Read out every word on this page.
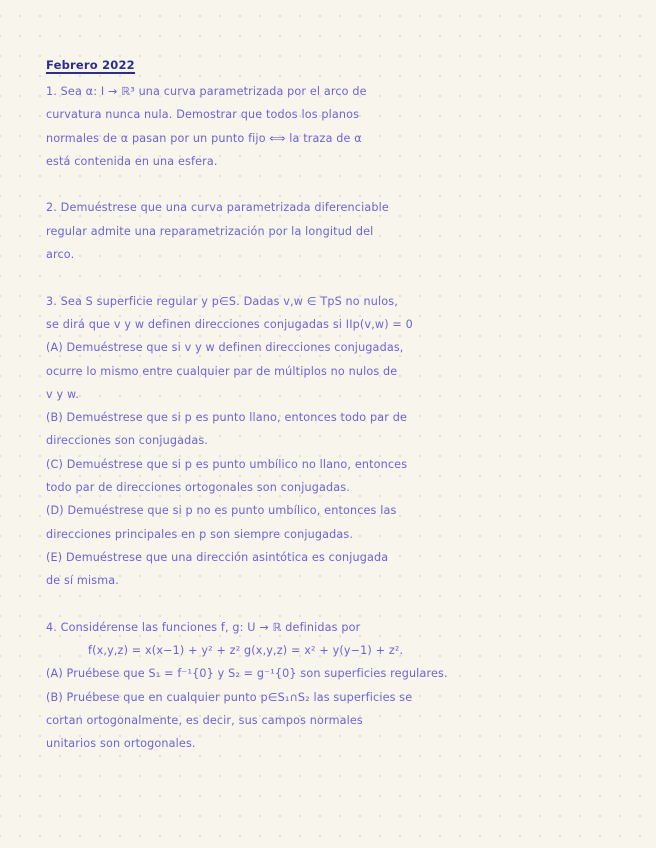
Febrero 2022
1. Sea α: I → ℝ³ una curva parametrizada por el arco de
curvatura nunca nula. Demostrar que todos los planos
normales de α pasan por un punto fijo ⟺ la traza de α
está contenida en una esfera.
2. Demuéstrese que una curva parametrizada diferenciable
regular admite una reparametrización por la longitud del
arco.
3. Sea S superficie regular y p∈S. Dadas v,w ∈ TpS no nulos,
se dirá que v y w definen direcciones conjugadas si IIp(v,w) = 0
(A) Demuéstrese que si v y w definen direcciones conjugadas,
ocurre lo mismo entre cualquier par de múltiplos no nulos de
v y w.
(B) Demuéstrese que si p es punto llano, entonces todo par de
direcciones son conjugadas.
(C) Demuéstrese que si p es punto umbílico no llano, entonces
todo par de direcciones ortogonales son conjugadas.
(D) Demuéstrese que si p no es punto umbílico, entonces las
direcciones principales en p son siempre conjugadas.
(E) Demuéstrese que una dirección asintótica es conjugada
de sí misma.
4. Considérense las funciones f, g: U → ℝ definidas por
f(x,y,z) = x(x−1) + y² + z² g(x,y,z) = x² + y(y−1) + z².
(A) Pruébese que S₁ = f⁻¹{0} y S₂ = g⁻¹{0} son superficies regulares.
(B) Pruébese que en cualquier punto p∈S₁∩S₂ las superficies se
cortan ortogonalmente, es decir, sus campos normales
unitarios son ortogonales.
